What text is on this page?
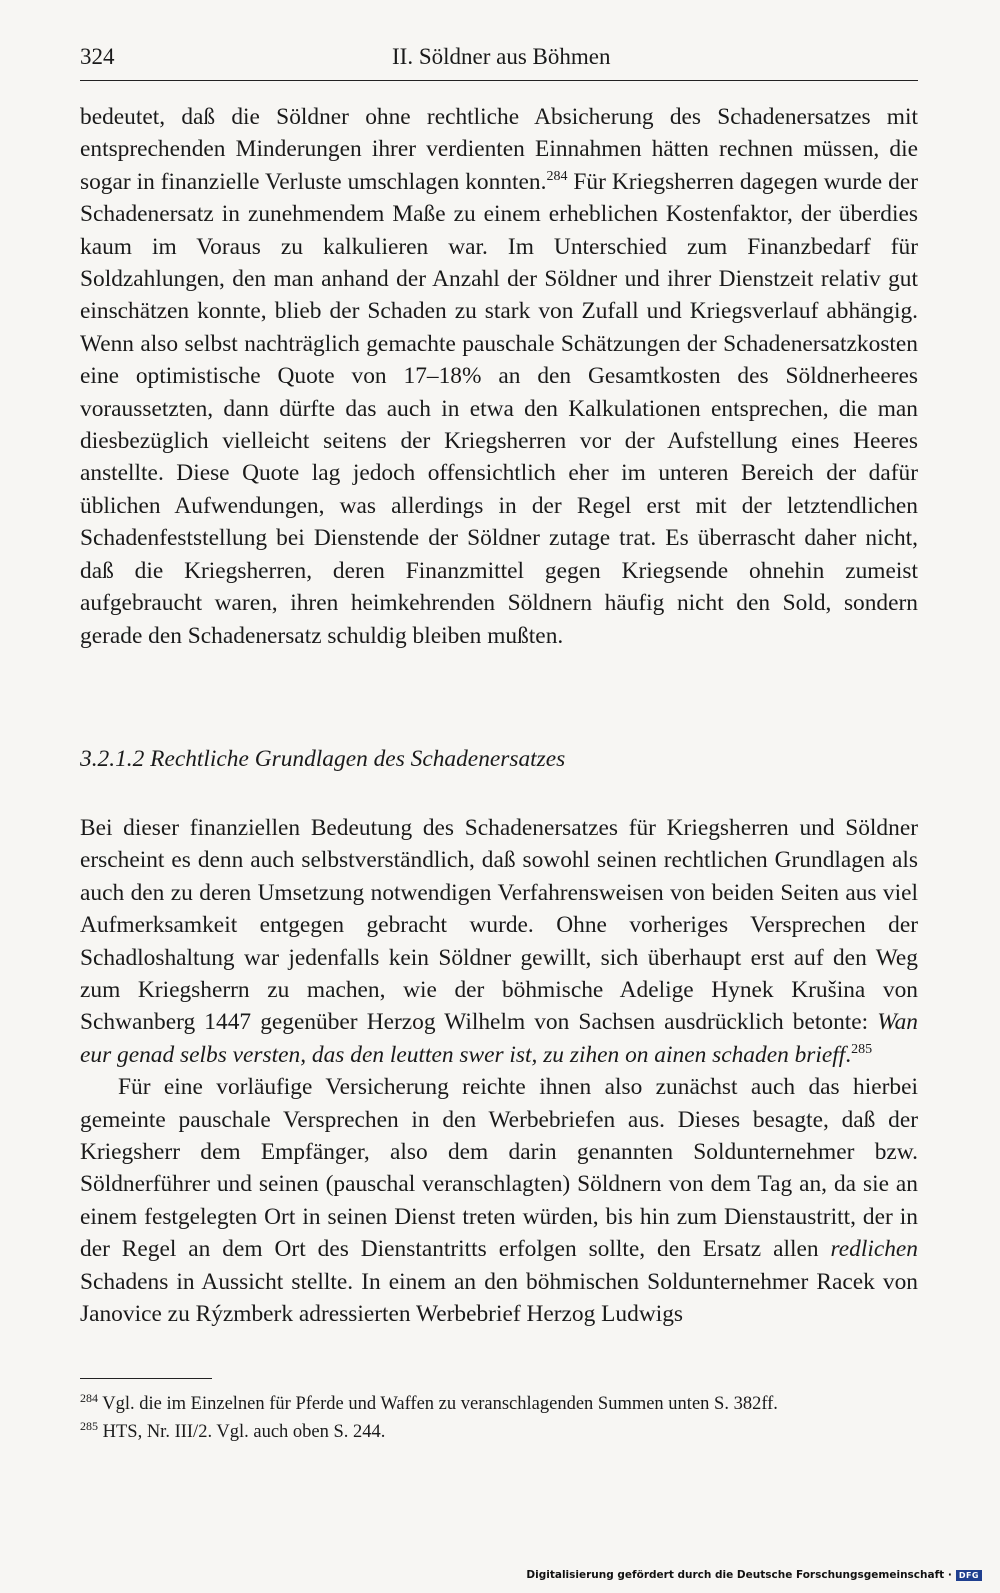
324	II. Söldner aus Böhmen

bedeutet, daß die Söldner ohne rechtliche Absicherung des Schadenersatzes mit entsprechenden Minderungen ihrer verdienten Einnahmen hätten rechnen müssen, die sogar in finanzielle Verluste umschlagen konnten.$^{284}$ Für Kriegsherren dagegen wurde der Schadenersatz in zunehmendem Maße zu einem erheblichen Kostenfaktor, der überdies kaum im Voraus zu kalkulieren war. Im Unterschied zum Finanzbedarf für Soldzahlungen, den man anhand der Anzahl der Söldner und ihrer Dienstzeit relativ gut einschätzen konnte, blieb der Schaden zu stark von Zufall und Kriegsverlauf abhängig. Wenn also selbst nachträglich gemachte pauschale Schätzungen der Schadenersatzkosten eine optimistische Quote von 17–18% an den Gesamtkosten des Söldnerheeres voraussetzten, dann dürfte das auch in etwa den Kalkulationen entsprechen, die man diesbezüglich vielleicht seitens der Kriegsherren vor der Aufstellung eines Heeres anstellte. Diese Quote lag jedoch offensichtlich eher im unteren Bereich der dafür üblichen Aufwendungen, was allerdings in der Regel erst mit der letztendlichen Schadenfeststellung bei Dienstende der Söldner zutage trat. Es überrascht daher nicht, daß die Kriegsherren, deren Finanzmittel gegen Kriegsende ohnehin zumeist aufgebraucht waren, ihren heimkehrenden Söldnern häufig nicht den Sold, sondern gerade den Schadenersatz schuldig bleiben mußten.

3.2.1.2 Rechtliche Grundlagen des Schadenersatzes

Bei dieser finanziellen Bedeutung des Schadenersatzes für Kriegsherren und Söldner erscheint es denn auch selbstverständlich, daß sowohl seinen rechtlichen Grundlagen als auch den zu deren Umsetzung notwendigen Verfahrensweisen von beiden Seiten aus viel Aufmerksamkeit entgegen gebracht wurde. Ohne vorheriges Versprechen der Schadloshaltung war jedenfalls kein Söldner gewillt, sich überhaupt erst auf den Weg zum Kriegsherrn zu machen, wie der böhmische Adelige Hynek Krušina von Schwanberg 1447 gegenüber Herzog Wilhelm von Sachsen ausdrücklich betonte: Wan eur genad selbs versten, das den leutten swer ist, zu zihen on ainen schaden brieff.$^{285}$

Für eine vorläufige Versicherung reichte ihnen also zunächst auch das hierbei gemeinte pauschale Versprechen in den Werbebriefen aus. Dieses besagte, daß der Kriegsherr dem Empfänger, also dem darin genannten Soldunternehmer bzw. Söldnerführer und seinen (pauschal veranschlagten) Söldnern von dem Tag an, da sie an einem festgelegten Ort in seinen Dienst treten würden, bis hin zum Dienstaustritt, der in der Regel an dem Ort des Dienstantritts erfolgen sollte, den Ersatz allen redlichen Schadens in Aussicht stellte. In einem an den böhmischen Soldunternehmer Racek von Janovice zu Rýzmberk adressierten Werbebrief Herzog Ludwigs

$^{284}$ Vgl. die im Einzelnen für Pferde und Waffen zu veranschlagenden Summen unten S. 382ff.
$^{285}$ HTS, Nr. III/2. Vgl. auch oben S. 244.
Digitalisierung gefördert durch die Deutsche Forschungsgemeinschaft · DFG
